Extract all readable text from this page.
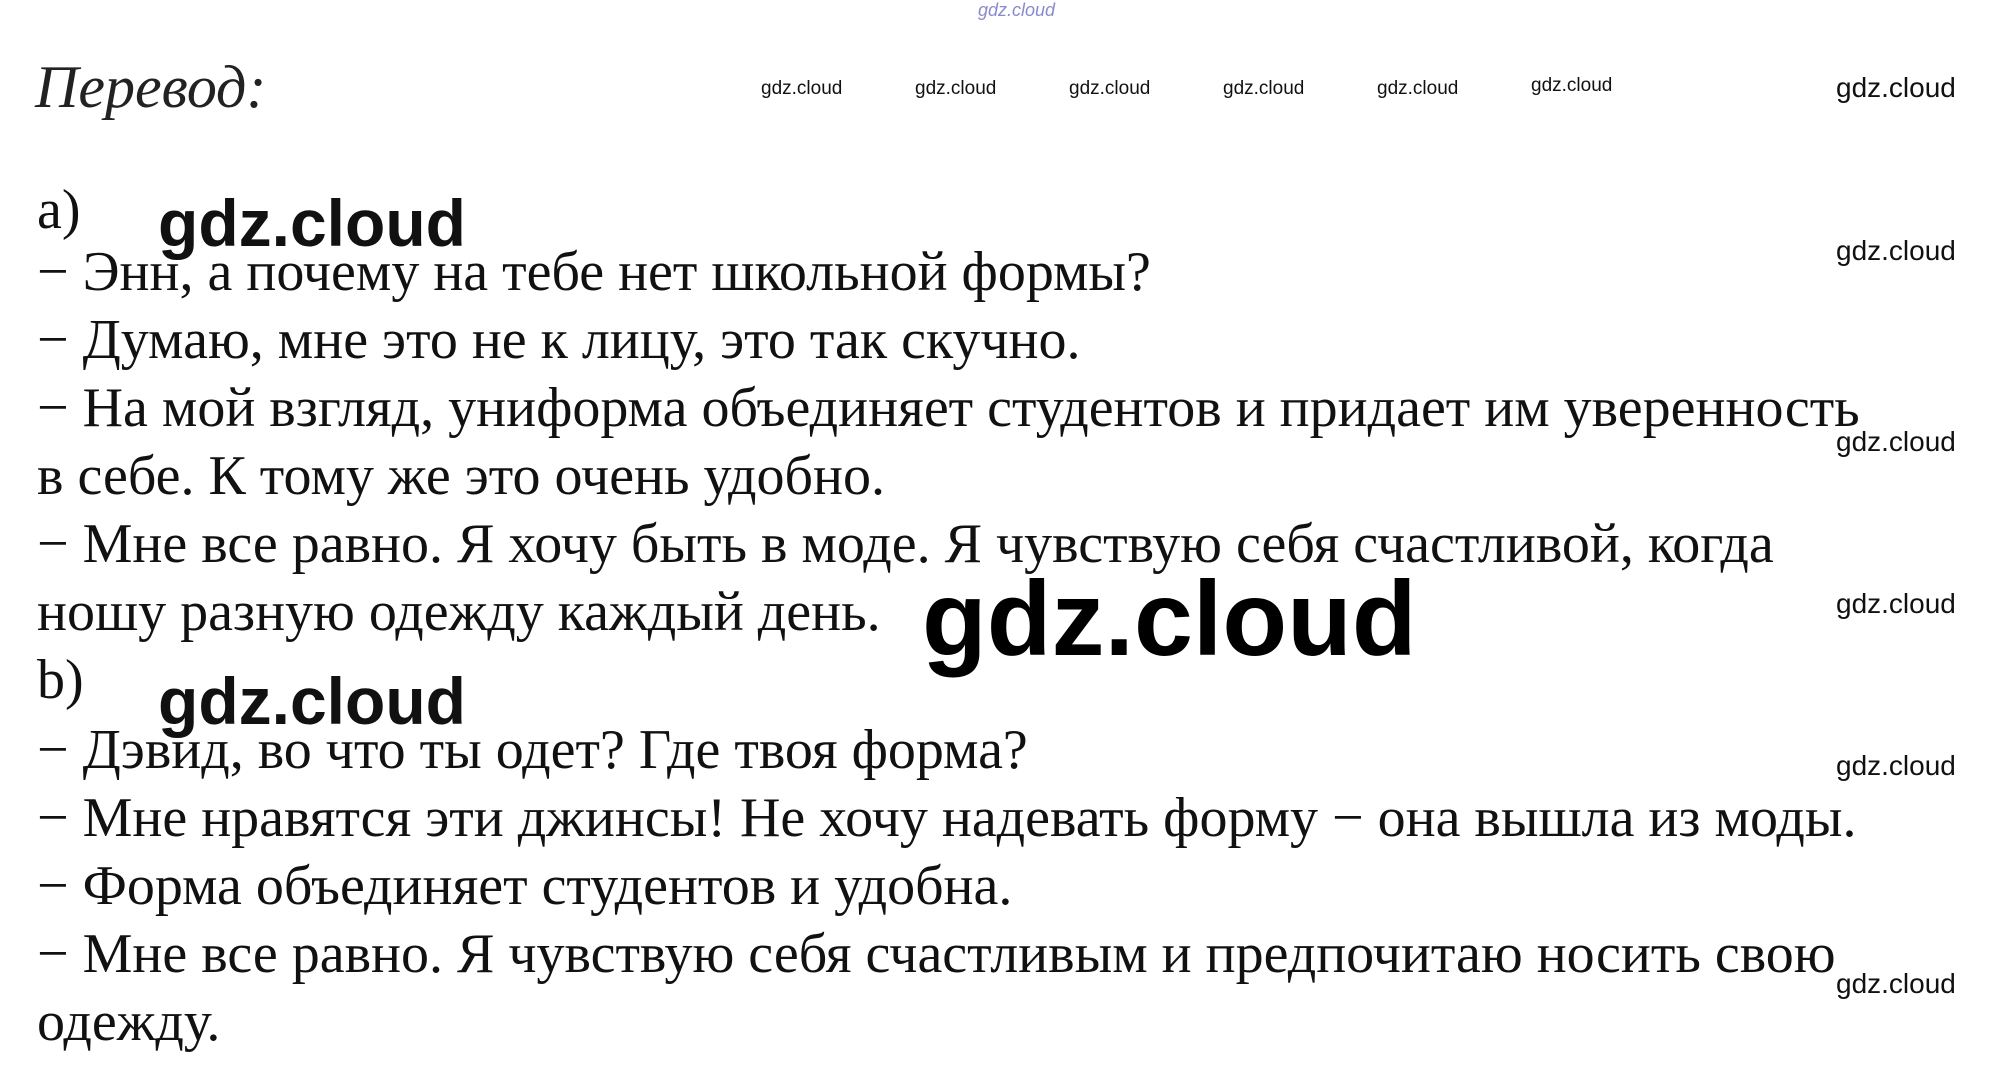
gdz.cloud
Перевод:	gdz.cloud	gdz.cloud	gdz.cloud	gdz.cloud	gdz.cloud	gdz.cloud	gdz.cloud
gdz.cloud
gdz.cloud
gdz.cloud
gdz.cloud
gdz.cloud
a) gdz.cloud
− Энн, а почему на тебе нет школьной формы?
− Думаю, мне это не к лицу, это так скучно.
− На мой взгляд, униформа объединяет студентов и придает им уверенность
в себе. К тому же это очень удобно.
− Мне все равно. Я хочу быть в моде. Я чувствую себя счастливой, когда
ношу разную одежду каждый день. gdz.cloud
b) gdz.cloud
− Дэвид, во что ты одет? Где твоя форма?
− Мне нравятся эти джинсы! Не хочу надевать форму − она вышла из моды.
− Форма объединяет студентов и удобна.
− Мне все равно. Я чувствую себя счастливым и предпочитаю носить свою
одежду.
